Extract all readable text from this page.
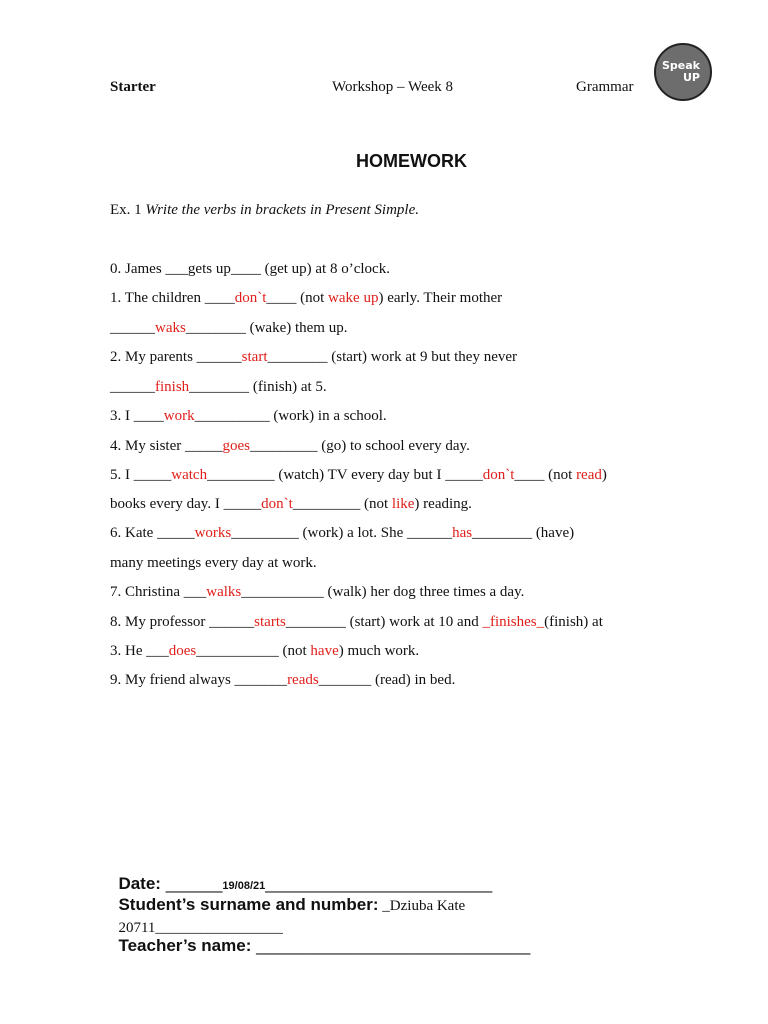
Starter	Workshop – Week 8	Grammar
Speak
UP
HOMEWORK
Ex. 1 Write the verbs in brackets in Present Simple.
0. James ___gets up____ (get up) at 8 o’clock.
1. The children ____don`t____ (not wake up) early. Their mother
______waks________ (wake) them up.
2. My parents ______start________ (start) work at 9 but they never
______finish________ (finish) at 5.
3. I ____work__________ (work) in a school.
4. My sister _____goes_________ (go) to school every day.
5. I _____watch_________ (watch) TV every day but I _____don`t____ (not read)
books every day. I _____don`t_________ (not like) reading.
6. Kate _____works_________ (work) a lot. She ______has________ (have)
many meetings every day at work.
7. Christina ___walks___________ (walk) her dog three times a day.
8. My professor ______starts________ (start) work at 10 and _finishes_(finish) at
3. He ___does___________ (not have) much work.
9. My friend always _______reads_______ (read) in bed.

Date: ______19/08/21________________________

Student’s surname and number: _Dziuba Kate

20711_________________

Teacher’s name: _____________________________
